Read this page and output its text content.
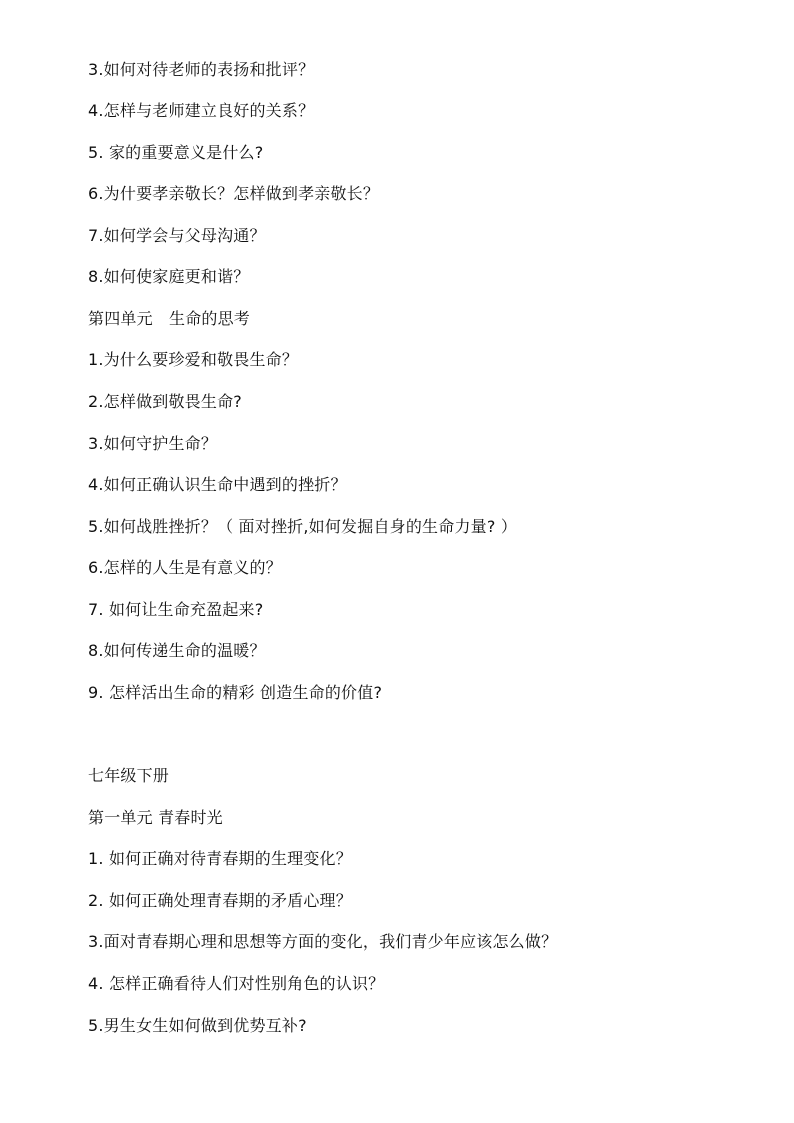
3.如何对待老师的表扬和批评？
4.怎样与老师建立良好的关系？
5. 家的重要意义是什么?
6.为什要孝亲敬长？怎样做到孝亲敬长？
7.如何学会与父母沟通？
8.如何使家庭更和谐？
第四单元　生命的思考
1.为什么要珍爱和敬畏生命？
2.怎样做到敬畏生命?
3.如何守护生命？
4.如何正确认识生命中遇到的挫折？
5.如何战胜挫折？（ 面对挫折,如何发掘自身的生命力量? ）
6.怎样的人生是有意义的？
7. 如何让生命充盈起来?
8.如何传递生命的温暖？
9. 怎样活出生命的精彩 创造生命的价值?
七年级下册
第一单元 青春时光
1. 如何正确对待青春期的生理变化？
2. 如何正确处理青春期的矛盾心理？
3.面对青春期心理和思想等方面的变化，我们青少年应该怎么做？
4. 怎样正确看待人们对性别角色的认识？
5.男生女生如何做到优势互补?
